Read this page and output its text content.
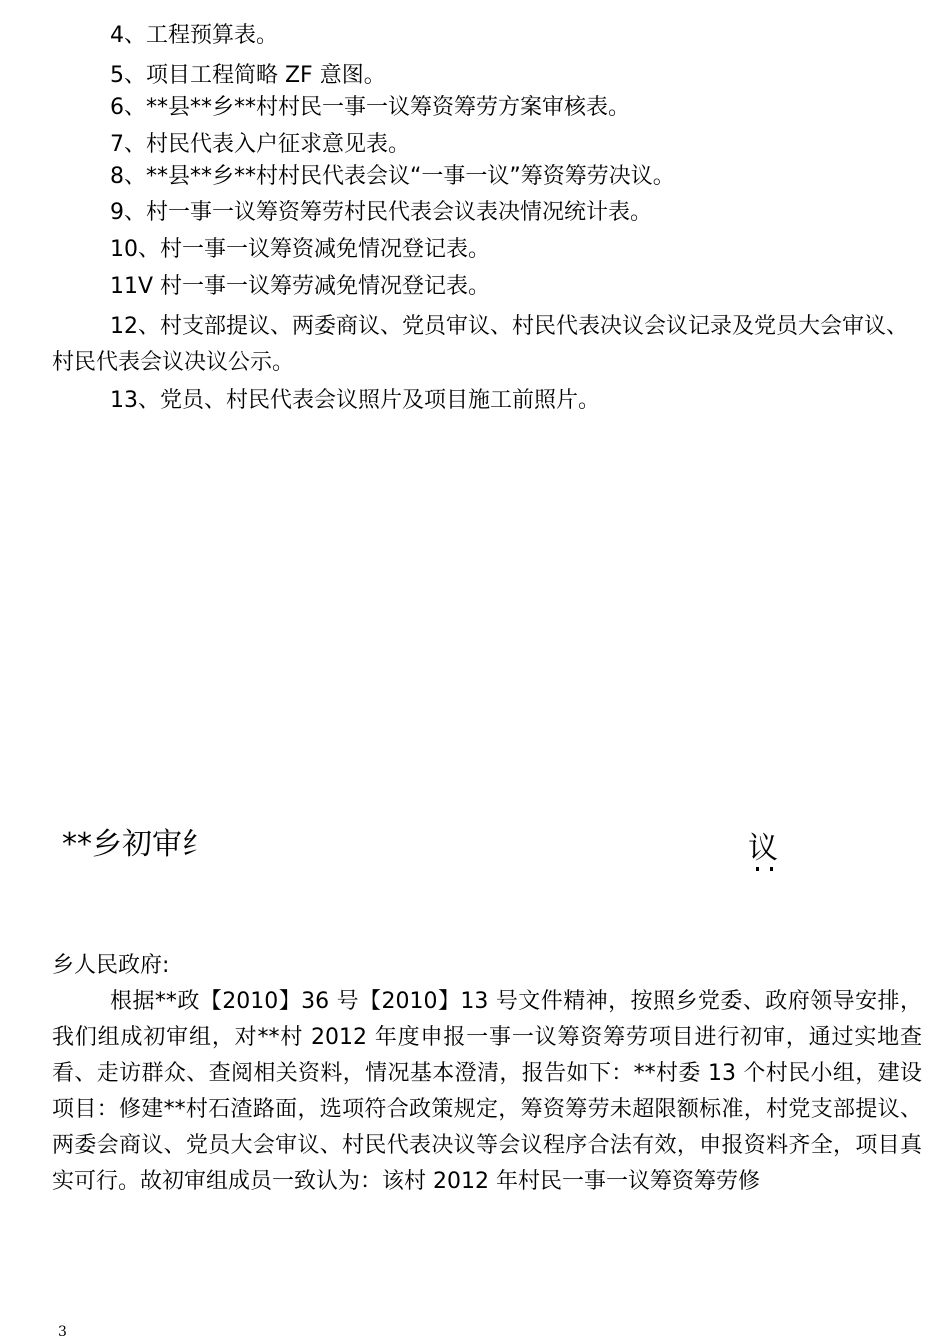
4、工程预算表。
5、项目工程简略 ZF 意图。
6、**县**乡**村村民一事一议筹资筹劳方案审核表。
7、村民代表入户征求意见表。
8、**县**乡**村村民代表会议“一事一议”筹资筹劳决议。
9、村一事一议筹资筹劳村民代表会议表决情况统计表。
10、村一事一议筹资减免情况登记表。
11V 村一事一议筹劳减免情况登记表。
12、村支部提议、两委商议、党员审议、村民代表决议会议记录及党员大会审议、村民代表会议决议公示。
13、党员、村民代表会议照片及项目施工前照片。
**乡初审纟	议
乡人民政府:
根据**政【2010】36 号【2010】13 号文件精神，按照乡党委、政府领导安排，我们组成初审组，对**村 2012 年度申报一事一议筹资筹劳项目进行初审，通过实地查看、走访群众、查阅相关资料，情况基本澄清，报告如下：**村委 13 个村民小组，建设项目：修建**村石渣路面，选项符合政策规定，筹资筹劳未超限额标准，村党支部提议、两委会商议、党员大会审议、村民代表决议等会议程序合法有效，申报资料齐全，项目真实可行。故初审组成员一致认为：该村 2012 年村民一事一议筹资筹劳修
3
